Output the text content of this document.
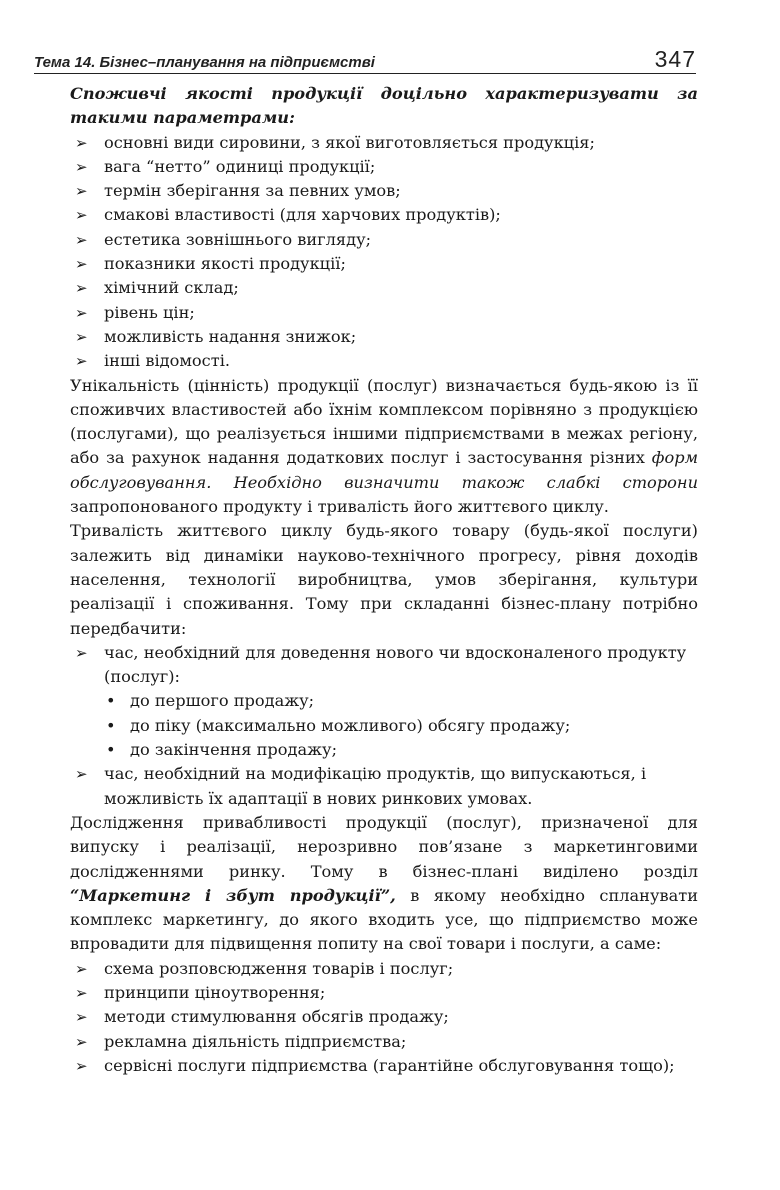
Тема 14. Бізнес–планування на підприємстві	347

Споживчі якості продукції доцільно характеризувати за такими параметрами:

➢ основні види сировини, з якої виготовляється продукція;
➢ вага “нетто” одиниці продукції;
➢ термін зберігання за певних умов;
➢ смакові властивості (для харчових продуктів);
➢ естетика зовнішнього вигляду;
➢ показники якості продукції;
➢ хімічний склад;
➢ рівень цін;
➢ можливість надання знижок;
➢ інші відомості.

Унікальність (цінність) продукції (послуг) визначається будь-якою із її споживчих властивостей або їхнім комплексом порівняно з продукцією (послугами), що реалізується іншими підприємствами в межах регіону, або за рахунок надання додаткових послуг і застосування різних форм обслуговування. Необхідно визначити також слабкі сторони запропонованого продукту і тривалість його життєвого циклу.

Тривалість життєвого циклу будь-якого товару (будь-якої послуги) залежить від динаміки науково-технічного прогресу, рівня доходів населення, технології виробництва, умов зберігання, культури реалізації і споживання. Тому при складанні бізнес-плану потрібно передбачити:

➢ час, необхідний для доведення нового чи вдосконаленого продукту (послуг):
• до першого продажу;
• до піку (максимально можливого) обсягу продажу;
• до закінчення продажу;
➢ час, необхідний на модифікацію продуктів, що випускаються, і можливість їх адаптації в нових ринкових умовах.

Дослідження привабливості продукції (послуг), призначеної для випуску і реалізації, нерозривно пов’язане з маркетинговими дослідженнями ринку. Тому в бізнес-плані виділено розділ “Маркетинг і збут продукції”, в якому необхідно спланувати комплекс маркетингу, до якого входить усе, що підприємство може впровадити для підвищення попиту на свої товари і послуги, а саме:

➢ схема розповсюдження товарів і послуг;
➢ принципи ціноутворення;
➢ методи стимулювання обсягів продажу;
➢ рекламна діяльність підприємства;
➢ сервісні послуги підприємства (гарантійне обслуговування тощо);
